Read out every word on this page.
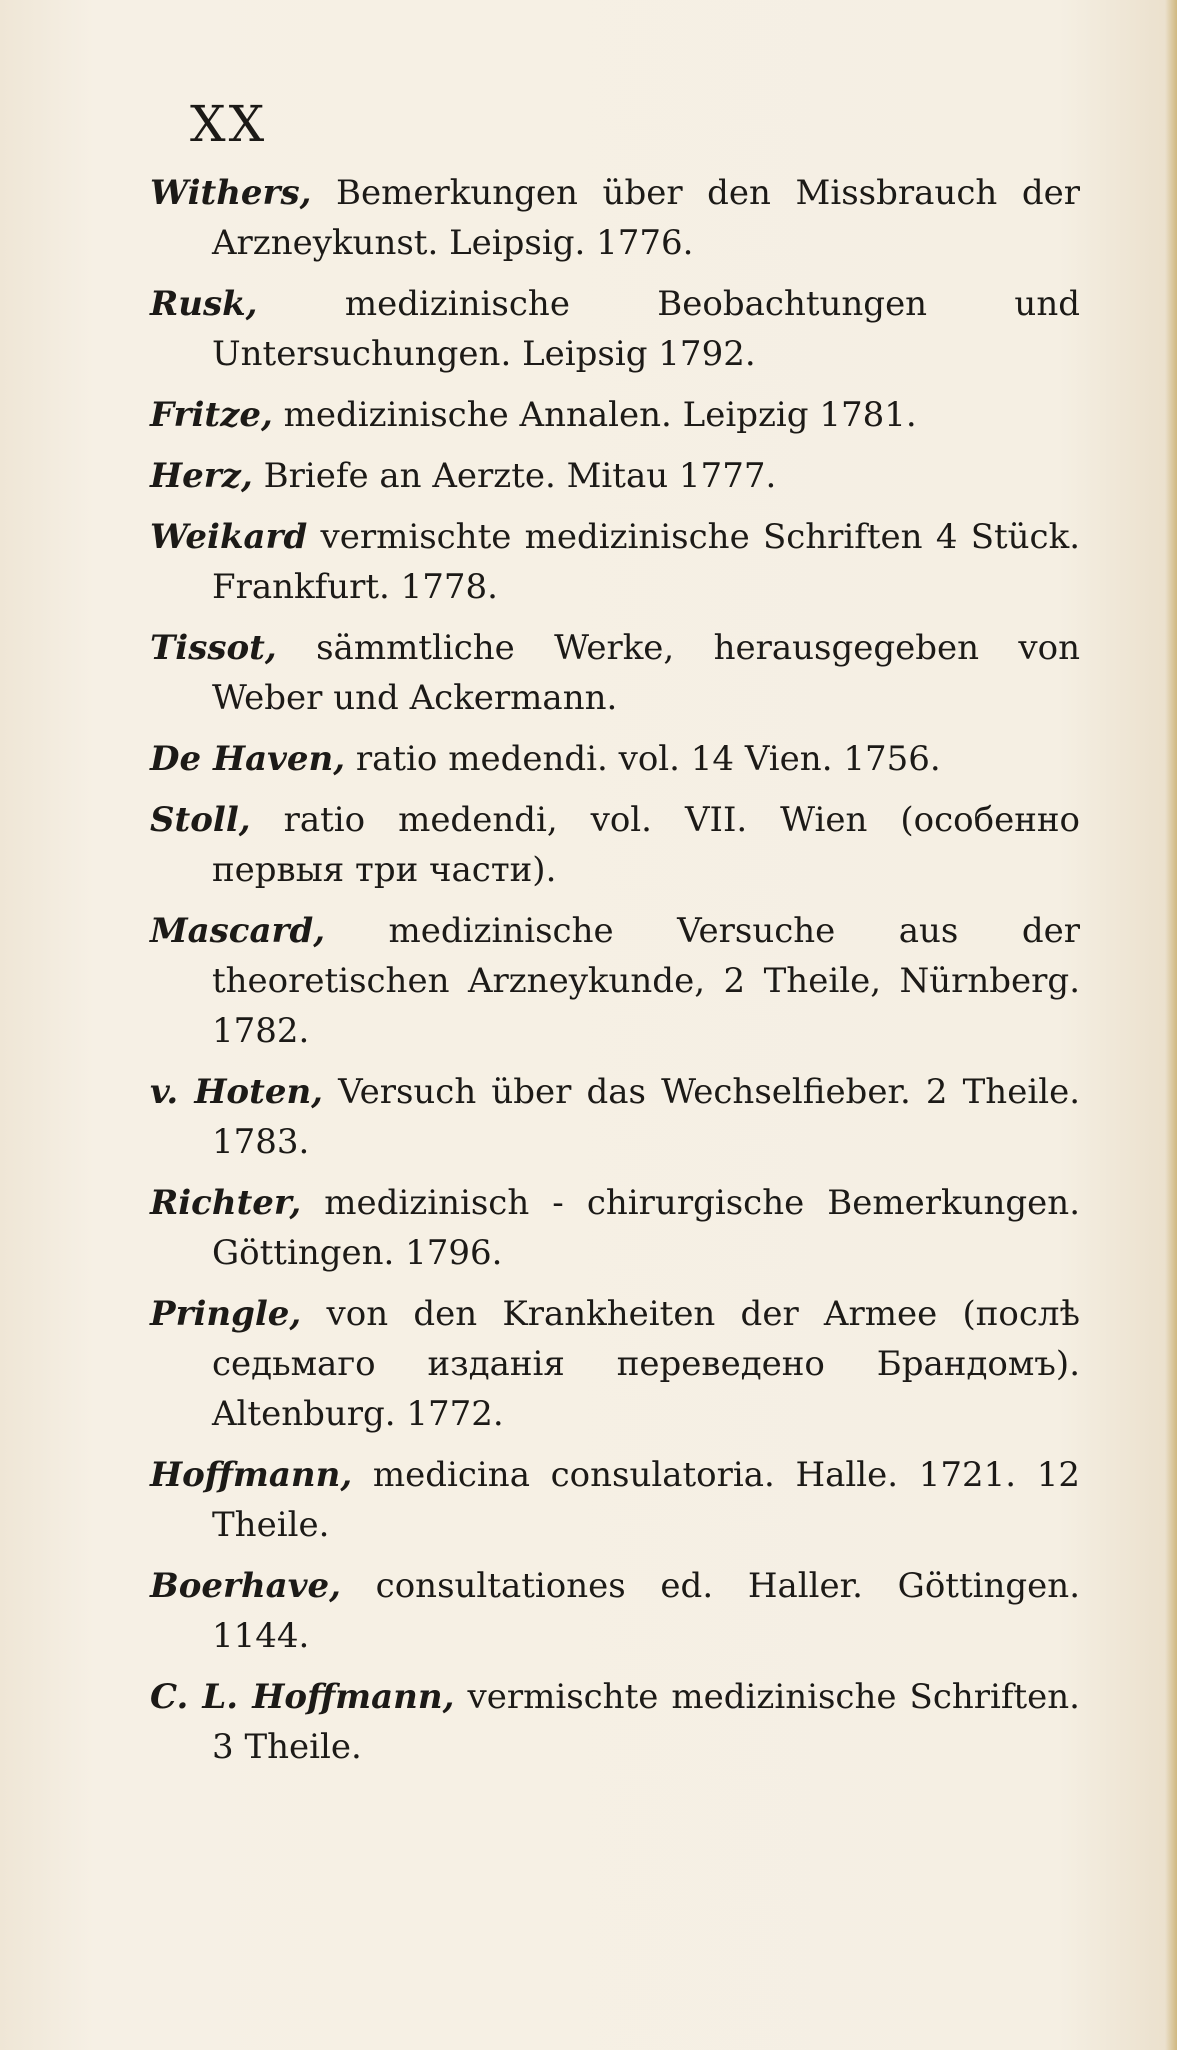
XX

Withers, Bemerkungen über den Missbrauch der Arzneykunst. Leipsig. 1776.

Rusk,	medizinische Beobachtungen und Untersuchungen. Leipsig 1792.

Fritze, medizinische Annalen. Leipzig 1781.

Herz, Briefe an Aerzte. Mitau 1777.

Weikard vermischte medizinische Schriften 4 Stück. Frankfurt. 1778.

Tissot, sämmtliche Werke, herausgegeben von Weber und Ackermann.

De Haven, ratio medendi. vol. 14 Vien. 1756.

Stoll, ratio medendi, vol. VII. Wien (особенно первыя три части).

Mascard, medizinische Versuche aus der theoretischen Arzneykunde, 2 Theile, Nürnberg. 1782.

v. Hoten, Versuch über das Wechselfieber. 2 Theile. 1783.

Richter, medizinisch - chirurgische Bemerkungen. Göttingen. 1796.

Pringle, von den Krankheiten der Armee (послѣ седьмаго изданія переведено Брандомъ). Altenburg. 1772.

Hoffmann, medicina consulatoria. Halle. 1721. 12 Theile.

Boerhave, consultationes ed. Haller. Göttingen. 1144.

C. L. Hoffmann, vermischte medizinische Schriften. 3 Theile.
